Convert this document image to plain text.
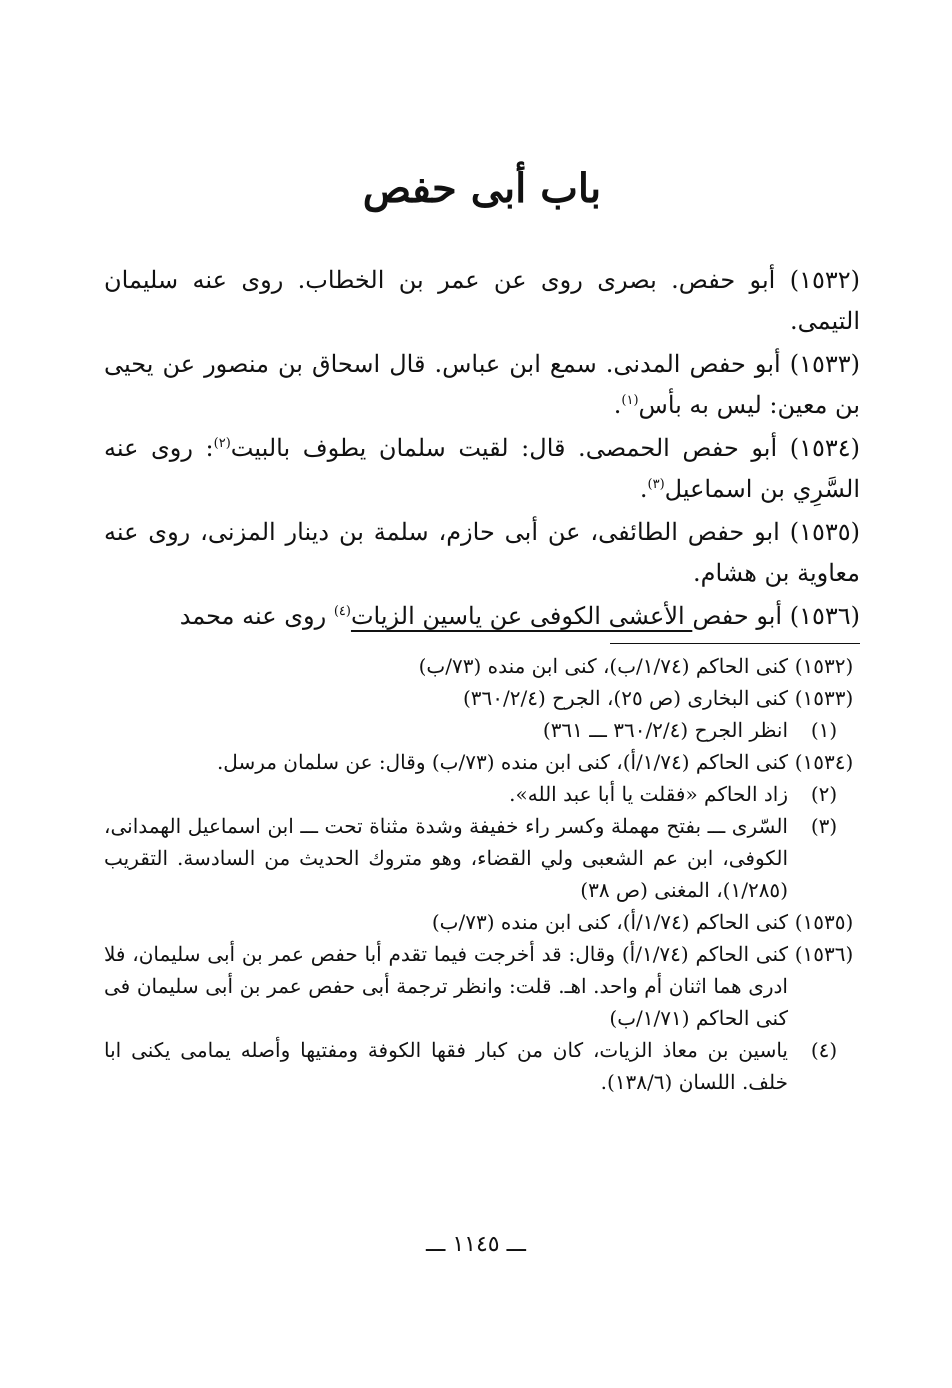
باب أبى حفص

(١٥٣٢) أبو حفص. بصرى روى عن عمر بن الخطاب. روى عنه سليمان التيمى.

(١٥٣٣) أبو حفص المدنى. سمع ابن عباس. قال اسحاق بن منصور عن يحيى بن معين: ليس به بأس$^{(١)}$.

(١٥٣٤) أبو حفص الحمصى. قال: لقيت سلمان يطوف بالبيت$^{(٢)}$: روى عنه السَّرِي بن اسماعيل$^{(٣)}$.

(١٥٣٥) ابو حفص الطائفى، عن أبى حازم، سلمة بن دينار المزنى، روى عنه معاوية بن هشام.

(١٥٣٦) أبو حفص الأعشى الكوفى عن ياسين الزيات$^{(٤)}$ روى عنه محمد

(١٥٣٢)
كنى الحاكم (١/٧٤/ب)، كنى ابن منده (٧٣/ب)
(١٥٣٣)
كنى البخارى (ص ٢٥)، الجرح (٣٦٠/٢/٤)
(١)
انظر الجرح (٣٦٠/٢/٤ ـــ ٣٦١)
(١٥٣٤)
كنى الحاكم (١/٧٤/أ)، كنى ابن منده (٧٣/ب) وقال: عن سلمان مرسل.
(٢)
زاد الحاكم «فقلت يا أبا عبد الله».
(٣)
السّرى ـــ بفتح مهملة وكسر راء خفيفة وشدة مثناة تحت ـــ ابن اسماعيل الهمدانى، الكوفى، ابن عم الشعبى ولي القضاء، وهو متروك الحديث من السادسة. التقريب (١/٢٨٥)، المغنى (ص ٣٨)
(١٥٣٥)
كنى الحاكم (١/٧٤/أ)، كنى ابن منده (٧٣/ب)
(١٥٣٦)
كنى الحاكم (١/٧٤/أ) وقال: قد أخرجت فيما تقدم أبا حفص عمر بن أبى سليمان، فلا ادرى هما اثنان أم واحد. اهـ. قلت: وانظر ترجمة أبى حفص عمر بن أبى سليمان فى كنى الحاكم (١/٧١/ب)
(٤)
ياسين بن معاذ الزيات، كان من كبار فقها الكوفة ومفتيها وأصله يمامى يكنى ابا خلف. اللسان (١٣٨/٦).
ـــ ١١٤٥ ـــ
